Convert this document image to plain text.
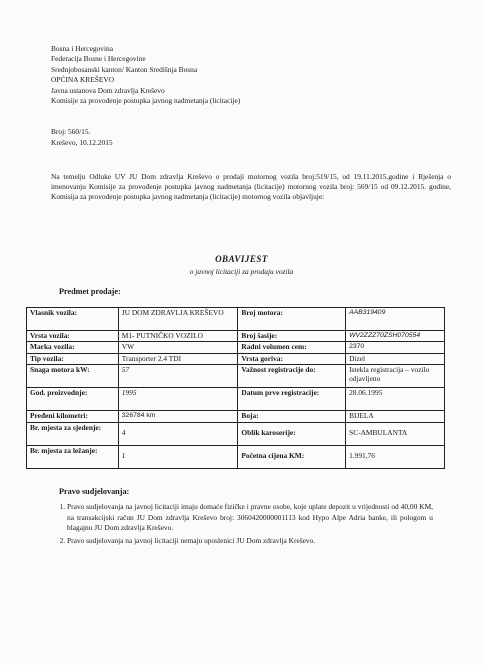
Bosna i Hercegovina
Federacija Bosne i Hercegovine
Srednjobosanski kanton/ Kanton Središnja Bosna
OPĆINA KREŠEVO
Javna ustanova Dom zdravlja Kreševo
Komisije za provođenje postupka javnog nadmetanja (licitacije)
Broj: 560/15.
Kreševo, 10.12.2015
Na temelju Odluke UV JU Dom zdravlja Kreševo o prodaji motornog vozila broj:519/15, od 19.11.2015.godine i Rješenja o imenovanju Komisije za provođenje postupka javnog nadmetanja (licitacije) motornog vozila broj: 569/15 od 09.12.2015. godine, Komisija za provođenje postupka javnog nadmetanja (licitacije) motornog vozila objavljuje:
OBAVIJEST
o javnoj licitaciji za prodaju vozila
Predmet prodaje:
Vlasnik vozila:	JU DOM ZDRAVLJA KREŠEVO	Broj motora:	AAB319409
Vrsta vozila:	M1- PUTNIČKO VOZILO	Broj šasije:	WV2ZZZ70ZSH070554
Marka vozila:	VW	Radni volumen cem:	2370
Tip vozila:	Transporter 2.4 TDI	Vrsta goriva:	Dizel
Snaga motora kW:	57	Važnost registracije do:	Istekla registracija – vozilo odjavljeno
God. proizvodnje:	1995	Datum prve registracije:	28.06.1995
Pređeni kilometri:	326784 km	Boja:	BIJELA
Br. mjesta za sjedenje:	4	Oblik karoserije:	SC-AMBULANTA
Br. mjesta za ležanje:	1	Početna cijena KM:	1.991,76
Pravo sudjelovanja:
1. Pravo sudjelovanja na javnoj licitaciji imaju domaće fizičke i pravne osobe, koje uplate depozit u vrijednosti od 40,00 KM, na transakcijski račun JU Dom zdravlja Kreševo broj: 3060420000001113 kod Hypo Alpe Adria banke, ili pologom u blagajnu JU Dom zdravlja Kreševo.
2. Pravo sudjelovanja na javnoj licitaciji nemaju uposlenici JU Dom zdravlja Kreševo.
